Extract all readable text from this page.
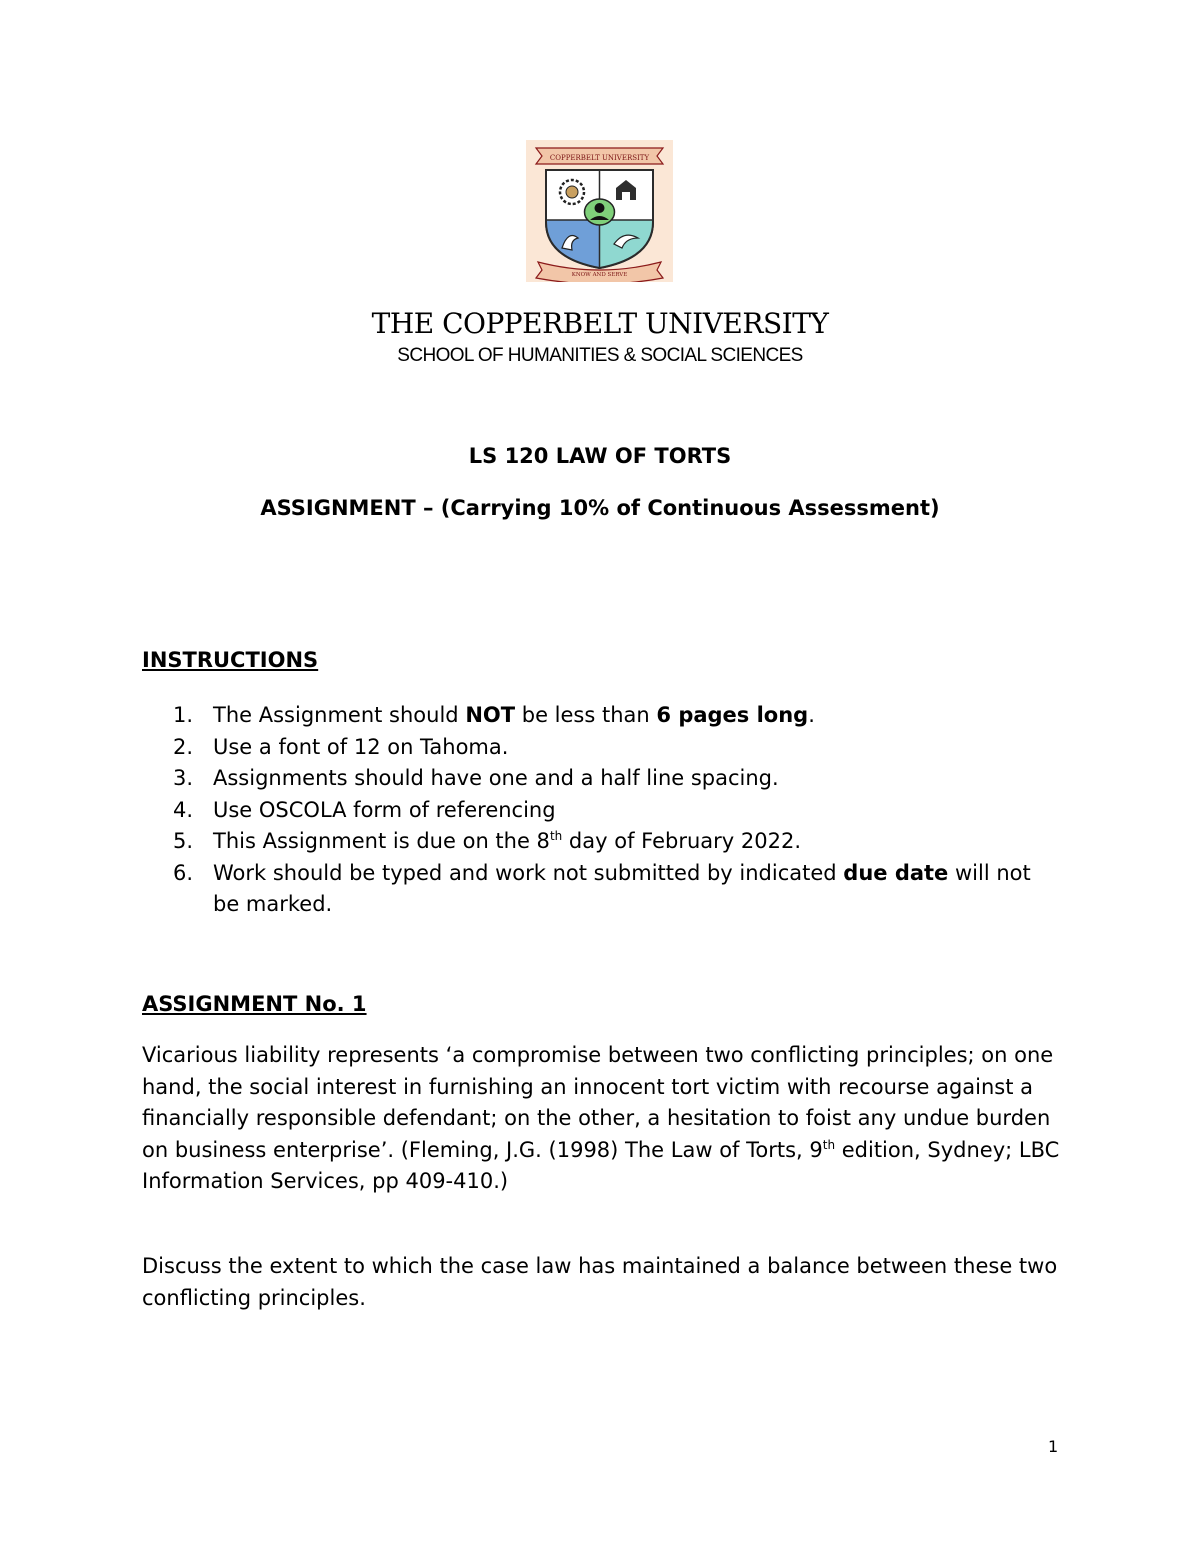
COPPERBELT UNIVERSITY
KNOW AND SERVE
THE COPPERBELT UNIVERSITY
SCHOOL OF HUMANITIES & SOCIAL SCIENCES
LS 120 LAW OF TORTS
ASSIGNMENT – (Carrying 10% of Continuous Assessment)
INSTRUCTIONS
1. The Assignment should NOT be less than 6 pages long.
2. Use a font of 12 on Tahoma.
3. Assignments should have one and a half line spacing.
4. Use OSCOLA form of referencing
5. This Assignment is due on the 8th day of February 2022.
6. Work should be typed and work not submitted by indicated due date will not be marked.
ASSIGNMENT No. 1

Vicarious liability represents ‘a compromise between two conflicting principles; on one hand, the social interest in furnishing an innocent tort victim with recourse against a financially responsible defendant; on the other, a hesitation to foist any undue burden on business enterprise’. (Fleming, J.G. (1998) The Law of Torts, 9th edition, Sydney; LBC Information Services, pp 409-410.)

Discuss the extent to which the case law has maintained a balance between these two conflicting principles.

1
